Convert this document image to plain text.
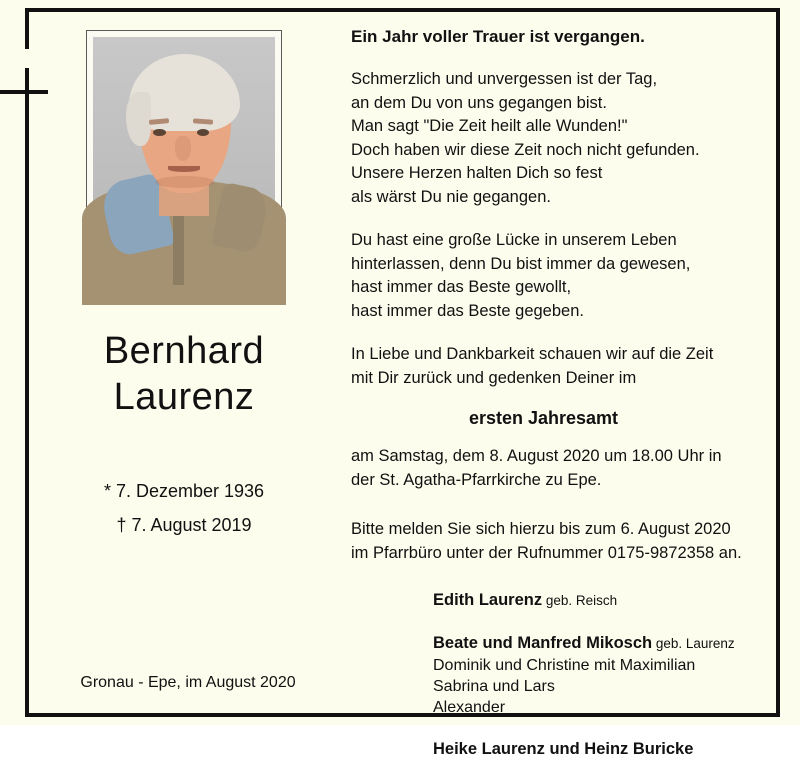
Bernhard
Laurenz
* 7. Dezember 1936
† 7. August 2019
Gronau - Epe, im August 2020

Ein Jahr voller Trauer ist vergangen.

Schmerzlich und unvergessen ist der Tag,
an dem Du von uns gegangen bist.
Man sagt "Die Zeit heilt alle Wunden!"
Doch haben wir diese Zeit noch nicht gefunden.
Unsere Herzen halten Dich so fest
als wärst Du nie gegangen.

Du hast eine große Lücke in unserem Leben
hinterlassen, denn Du bist immer da gewesen,
hast immer das Beste gewollt,
hast immer das Beste gegeben.

In Liebe und Dankbarkeit schauen wir auf die Zeit
mit Dir zurück und gedenken Deiner im

ersten Jahresamt

am Samstag, dem 8. August 2020 um 18.00 Uhr in
der St. Agatha-Pfarrkirche zu Epe.

Bitte melden Sie sich hierzu bis zum 6. August 2020
im Pfarrbüro unter der Rufnummer 0175-9872358 an.

Edith Laurenz geb. Reisch
Beate und Manfred Mikosch geb. Laurenz
Dominik und Christine mit Maximilian
Sabrina und Lars
Alexander
Heike Laurenz und Heinz Buricke
